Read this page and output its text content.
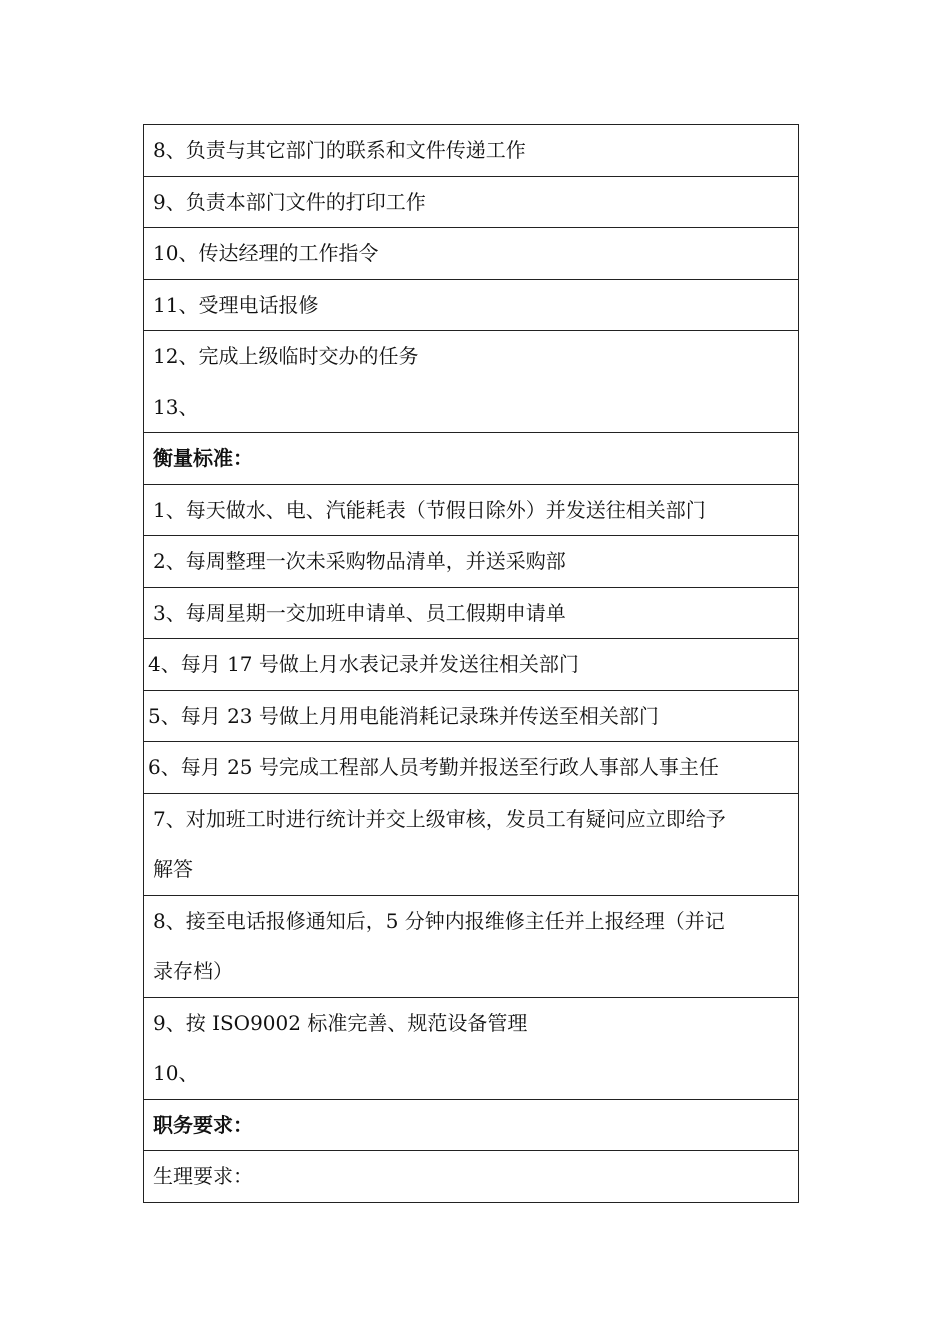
8、负责与其它部门的联系和文件传递工作
9、负责本部门文件的打印工作
10、传达经理的工作指令
11、受理电话报修
12、完成上级临时交办的任务
13、
衡量标准：
1、每天做水、电、汽能耗表（节假日除外）并发送往相关部门
2、每周整理一次未采购物品清单，并送采购部
3、每周星期一交加班申请单、员工假期申请单
4、每月 17 号做上月水表记录并发送往相关部门
5、每月 23 号做上月用电能消耗记录珠并传送至相关部门
6、每月 25 号完成工程部人员考勤并报送至行政人事部人事主任
7、对加班工时进行统计并交上级审核，发员工有疑问应立即给予
解答
8、接至电话报修通知后，5 分钟内报维修主任并上报经理（并记
录存档）
9、按 ISO9002 标准完善、规范设备管理
10、
职务要求：
生理要求：
